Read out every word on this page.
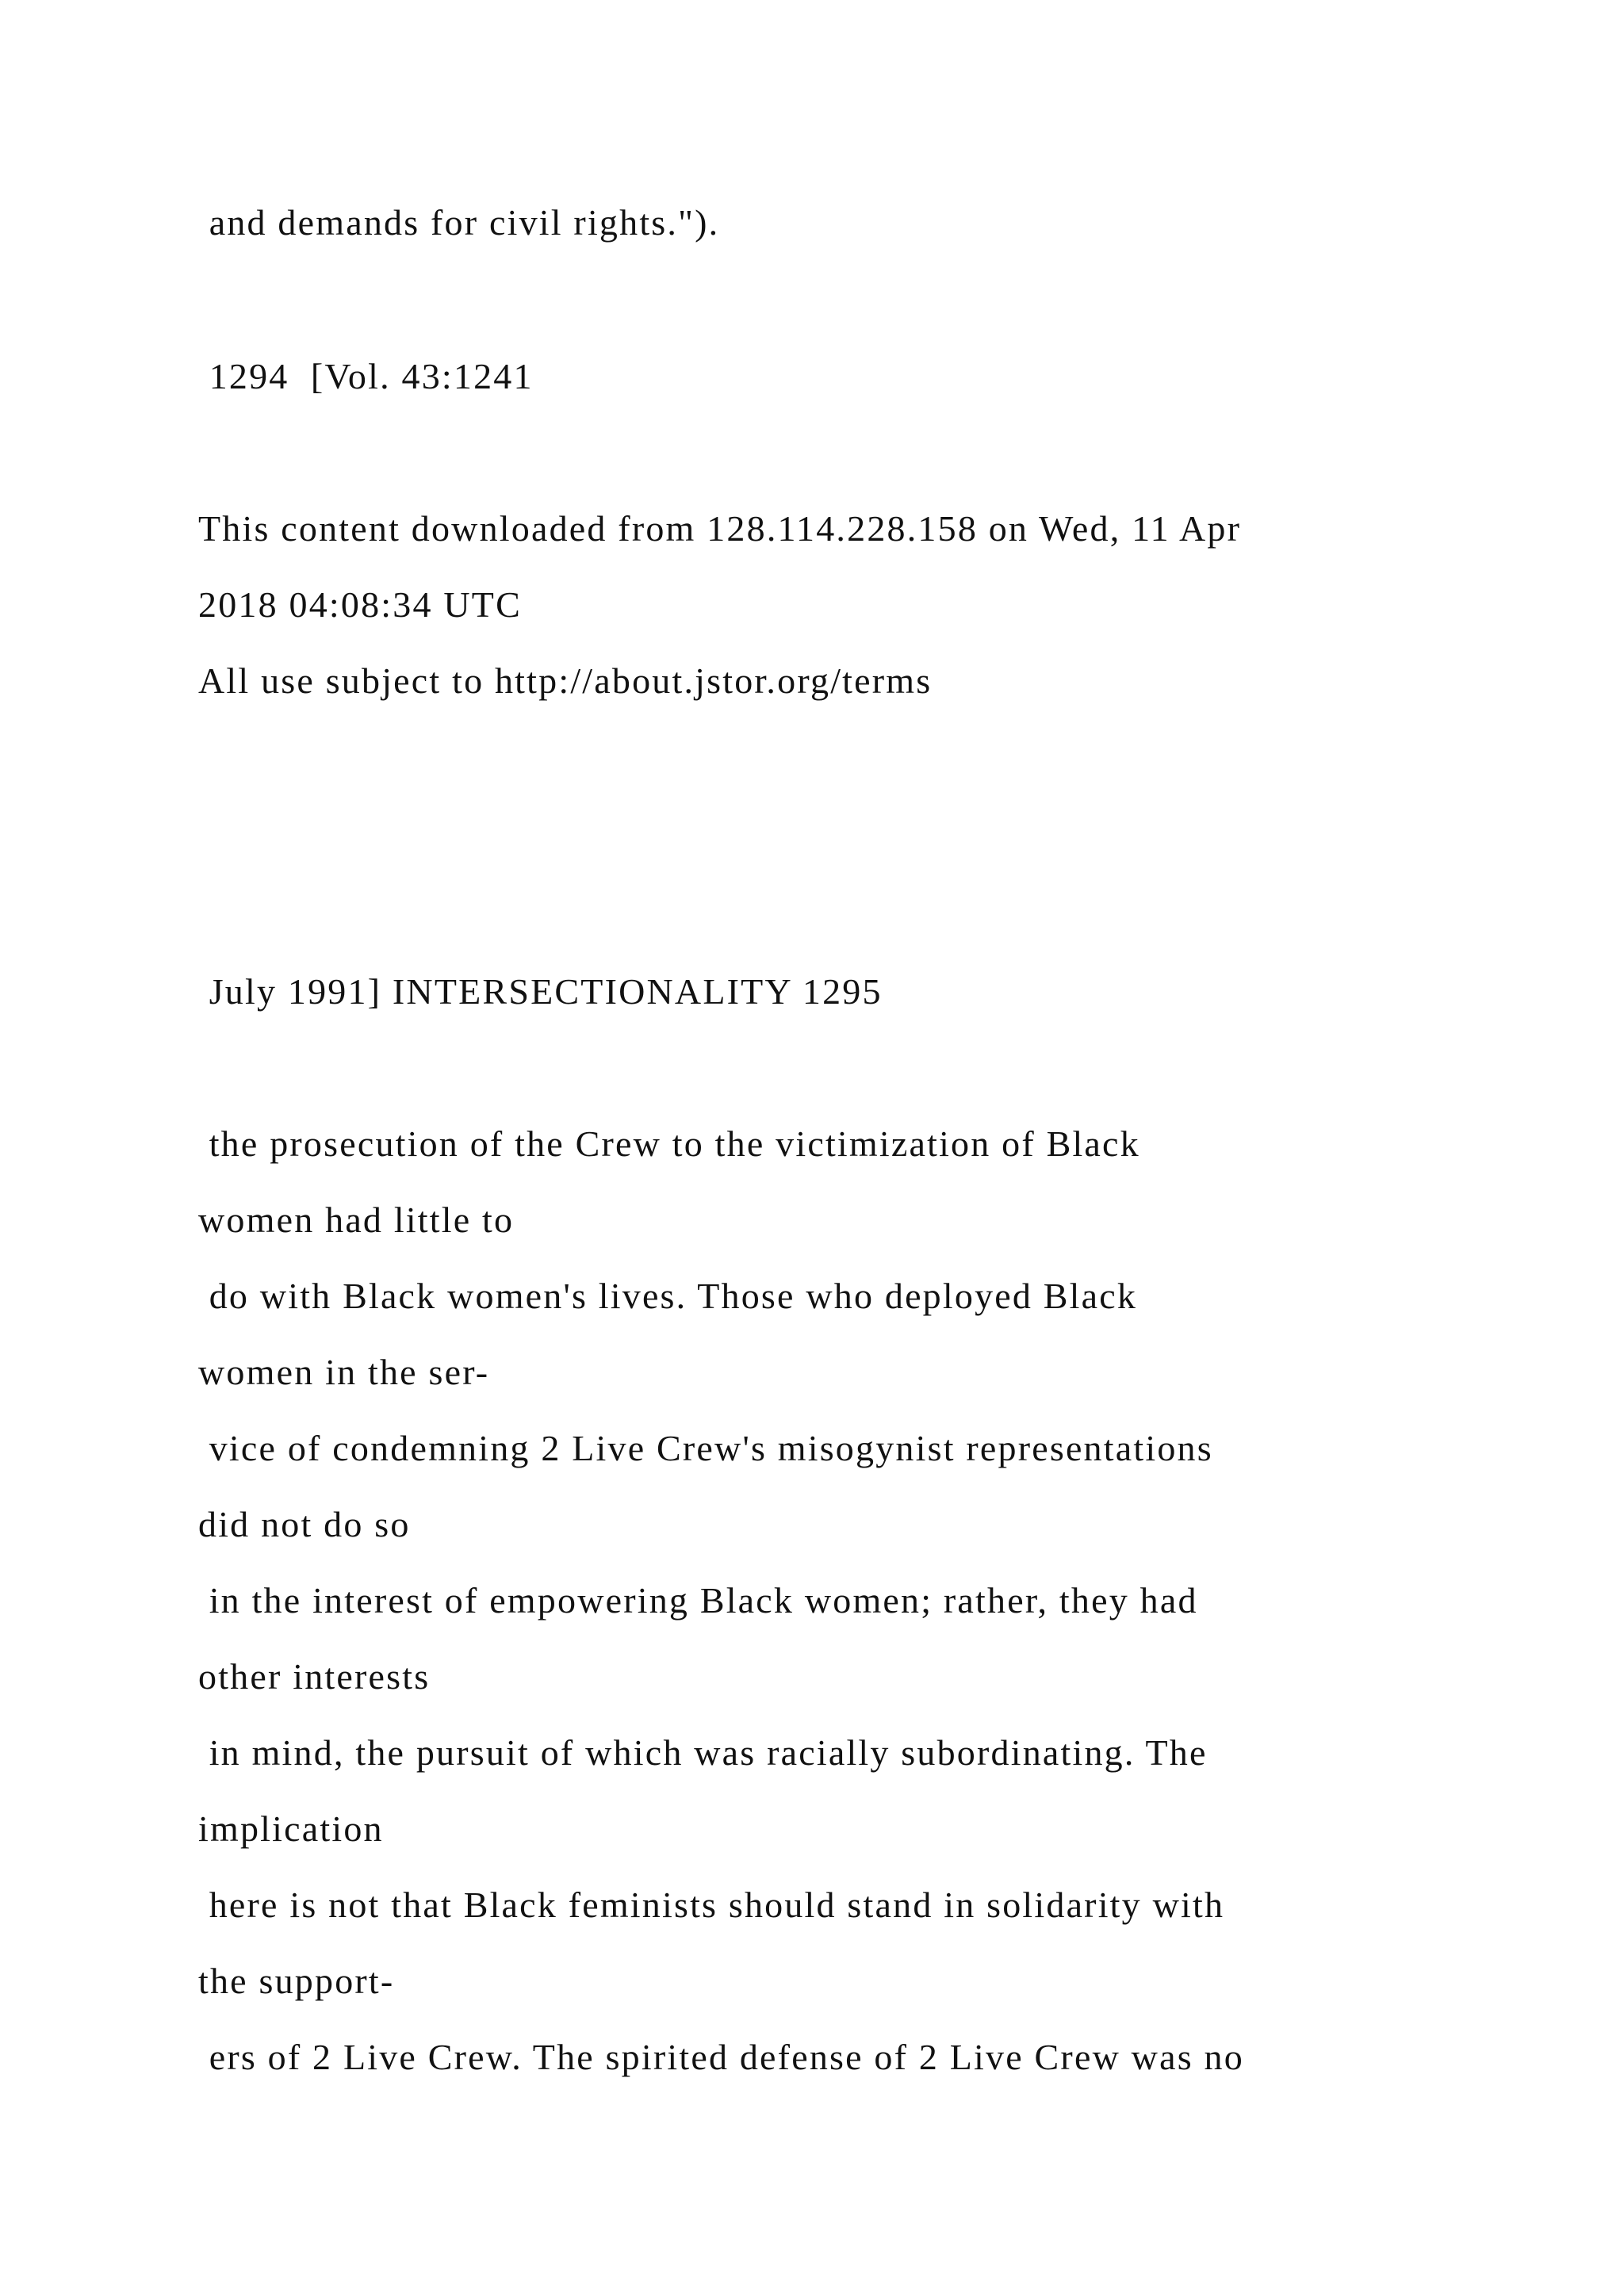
and demands for civil rights.").
1294  [Vol. 43:1241
This content downloaded from 128.114.228.158 on Wed, 11 Apr
2018 04:08:34 UTC
All use subject to http://about.jstor.org/terms
July 1991] INTERSECTIONALITY 1295
the prosecution of the Crew to the victimization of Black
women had little to
do with Black women's lives. Those who deployed Black
women in the ser-
vice of condemning 2 Live Crew's misogynist representations
did not do so
in the interest of empowering Black women; rather, they had
other interests
in mind, the pursuit of which was racially subordinating. The
implication
here is not that Black feminists should stand in solidarity with
the support-
ers of 2 Live Crew. The spirited defense of 2 Live Crew was no
